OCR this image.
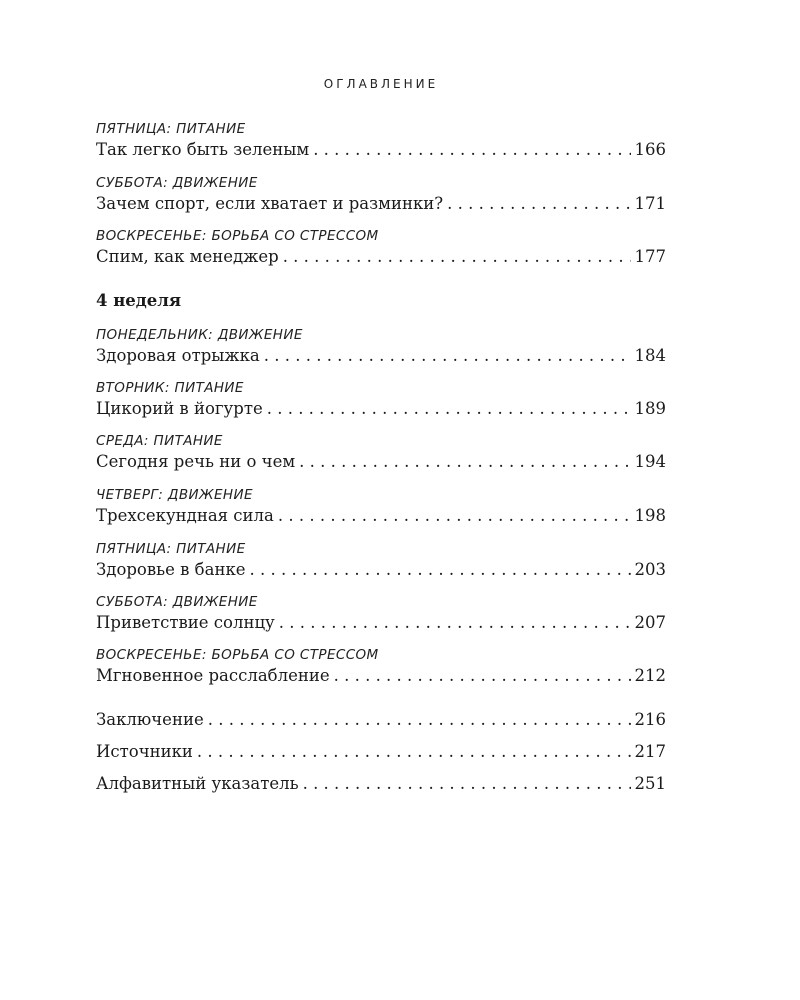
ОГЛАВЛЕНИЕ
ПЯТНИЦА: ПИТАНИЕ
Так легко быть зеленым . . .	166
СУББОТА: ДВИЖЕНИЕ
Зачем спорт, если хватает и разминки? . . .	171
ВОСКРЕСЕНЬЕ: БОРЬБА СО СТРЕССОМ
Спим, как менеджер . . .	177
4 неделя
ПОНЕДЕЛЬНИК: ДВИЖЕНИЕ
Здоровая отрыжка . . .	184
ВТОРНИК: ПИТАНИЕ
Цикорий в йогурте . . .	189
СРЕДА: ПИТАНИЕ
Сегодня речь ни о чем . . .	194
ЧЕТВЕРГ: ДВИЖЕНИЕ
Трехсекундная сила . . .	198
ПЯТНИЦА: ПИТАНИЕ
Здоровье в банке . . .	203
СУББОТА: ДВИЖЕНИЕ
Приветствие солнцу . . .	207
ВОСКРЕСЕНЬЕ: БОРЬБА СО СТРЕССОМ
Мгновенное расслабление . . .	212
Заключение . . .	216
Источники . . .	217
Алфавитный указатель . . .	251
